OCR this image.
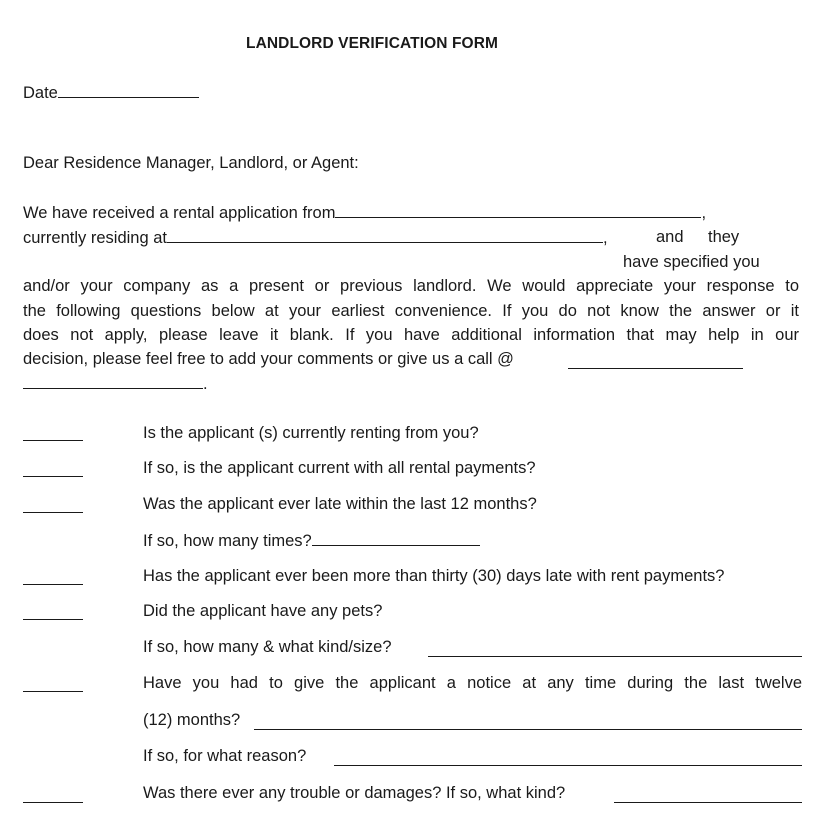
LANDLORD VERIFICATION FORM
Date
Dear Residence Manager, Landlord, or Agent:
We have received a rental application from	,
currently residing at	,	and they
have specified you
and/or your company as a present or previous landlord. We would appreciate your response to
the following questions below at your earliest convenience. If you do not know the answer or it
does not apply, please leave it blank. If you have additional information that may help in our
decision, please feel free to add your comments or give us a call @
.
Is the applicant (s) currently renting from you?
If so, is the applicant current with all rental payments?
Was the applicant ever late within the last 12 months?
If so, how many times?
Has the applicant ever been more than thirty (30) days late with rent payments?
Did the applicant have any pets?
If so, how many & what kind/size?
Have you had to give the applicant a notice at any time during the last twelve
(12) months?
If so, for what reason?
Was there ever any trouble or damages? If so, what kind?
